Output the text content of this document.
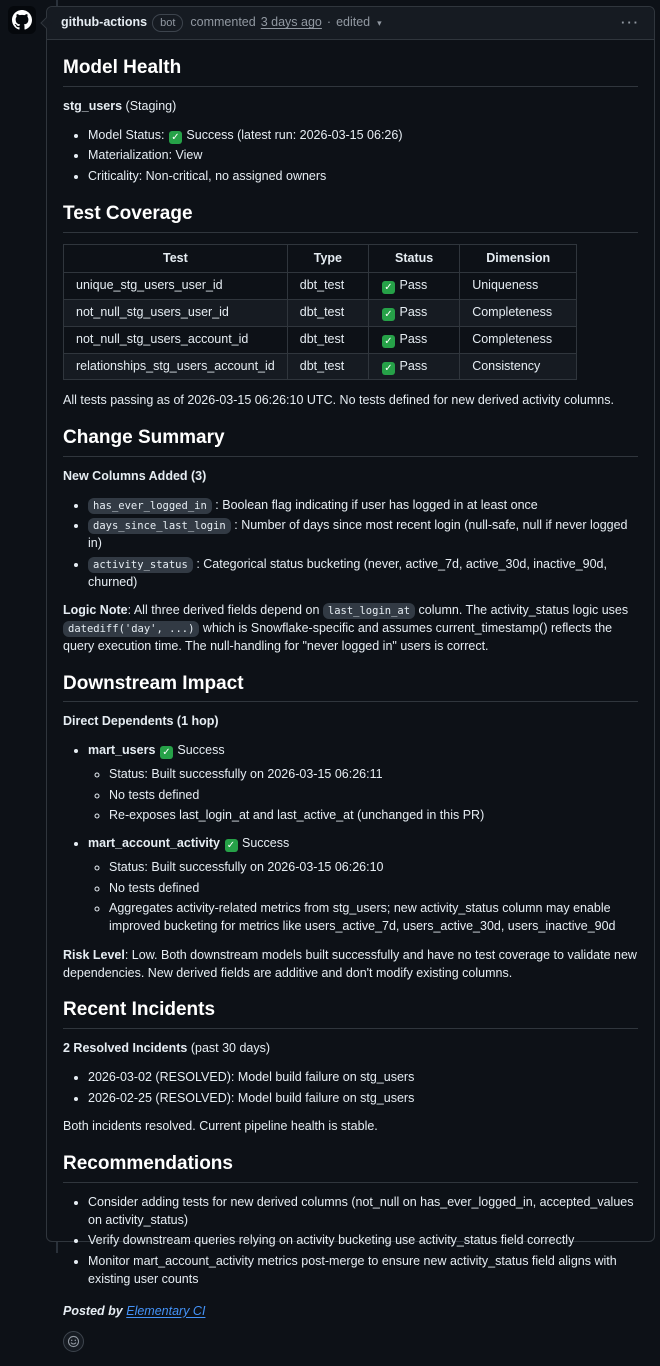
github-actions	bot	commented 3 days ago · edited ▾	···
Model Health

stg_users (Staging)

• Model Status: ✓ Success (latest run: 2026-03-15 06:26)
• Materialization: View
• Criticality: Non-critical, no assigned owners
Test Coverage
Test	Type	Status	Dimension
unique_stg_users_user_id	dbt_test	✓Pass	Uniqueness
not_null_stg_users_user_id	dbt_test	✓Pass	Completeness
not_null_stg_users_account_id	dbt_test	✓Pass	Completeness
relationships_stg_users_account_id	dbt_test	✓Pass	Consistency

All tests passing as of 2026-03-15 06:26:10 UTC. No tests defined for new derived activity columns.

Change Summary

New Columns Added (3)

• has_ever_logged_in : Boolean flag indicating if user has logged in at least once
• days_since_last_login : Number of days since most recent login (null-safe, null if never logged in)
• activity_status : Categorical status bucketing (never, active_7d, active_30d, inactive_90d, churned)

Logic Note: All three derived fields depend on last_login_at column. The activity_status logic uses datediff('day', ...) which is Snowflake-specific and assumes current_timestamp() reflects the query execution time. The null-handling for "never logged in" users is correct.

Downstream Impact

Direct Dependents (1 hop)

• mart_users ✓ Success
◦ Status: Built successfully on 2026-03-15 06:26:11
◦ No tests defined
◦ Re-exposes last_login_at and last_active_at (unchanged in this PR)
• mart_account_activity ✓ Success
◦ Status: Built successfully on 2026-03-15 06:26:10
◦ No tests defined
◦ Aggregates activity-related metrics from stg_users; new activity_status column may enable improved bucketing for metrics like users_active_7d, users_active_30d, users_inactive_90d

Risk Level: Low. Both downstream models built successfully and have no test coverage to validate new dependencies. New derived fields are additive and don't modify existing columns.

Recent Incidents

2 Resolved Incidents (past 30 days)

• 2026-03-02 (RESOLVED): Model build failure on stg_users
• 2026-02-25 (RESOLVED): Model build failure on stg_users

Both incidents resolved. Current pipeline health is stable.

Recommendations
• Consider adding tests for new derived columns (not_null on has_ever_logged_in, accepted_values on activity_status)
• Verify downstream queries relying on activity bucketing use activity_status field correctly
• Monitor mart_account_activity metrics post-merge to ensure new activity_status field aligns with existing user counts

Posted by Elementary CI
